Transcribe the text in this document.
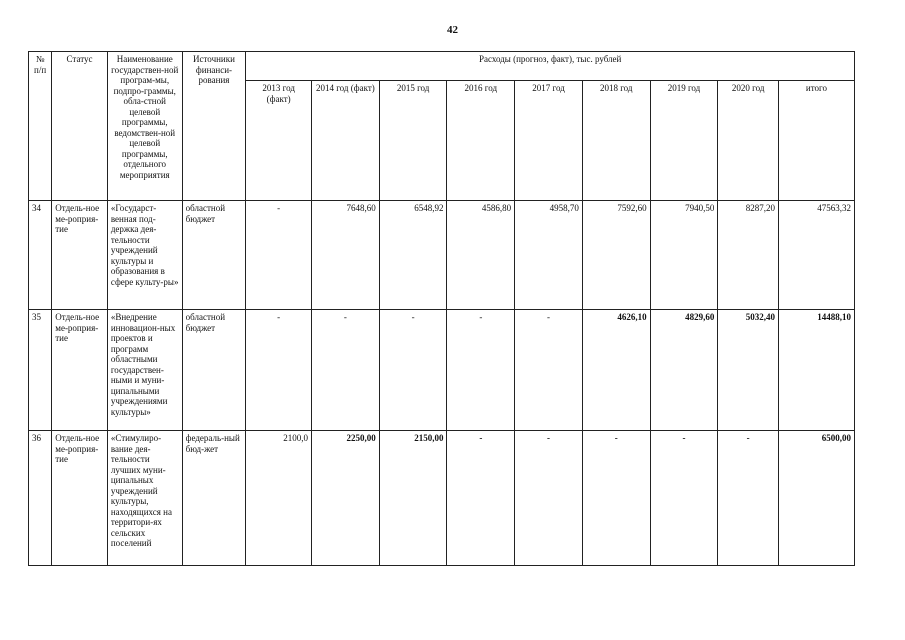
42
№ п/п	Статус	Наименование государствен-ной програм-мы, подпро-граммы, обла-стной целевой программы, ведомствен-ной целевой программы, отдельного мероприятия	Источники финанси-рования	Расходы (прогноз, факт), тыс. рублей								
				2013 год (факт)	2014 год (факт)	2015 год	2016 год	2017 год	2018 год	2019 год	2020 год	итого
34	Отдель-ное ме-роприя-тие	«Государст-венная под-держка дея-тельности учреждений культуры и образования в сфере культу-ры»	областной бюджет	-	7648,60	6548,92	4586,80	4958,70	7592,60	7940,50	8287,20	47563,32
35	Отдель-ное ме-роприя-тие	«Внедрение инновацион-ных проектов и программ областными государствен-ными и муни-ципальными учреждениями культуры»	областной бюджет	-	-	-	-	-	4626,10	4829,60	5032,40	14488,10
36	Отдель-ное ме-роприя-тие	«Стимулиро-вание дея-тельности лучших муни-ципальных учреждений культуры, находящихся на территори-ях сельских поселений	федераль-ный бюд-жет	2100,0	2250,00	2150,00	-	-	-	-	-	6500,00
